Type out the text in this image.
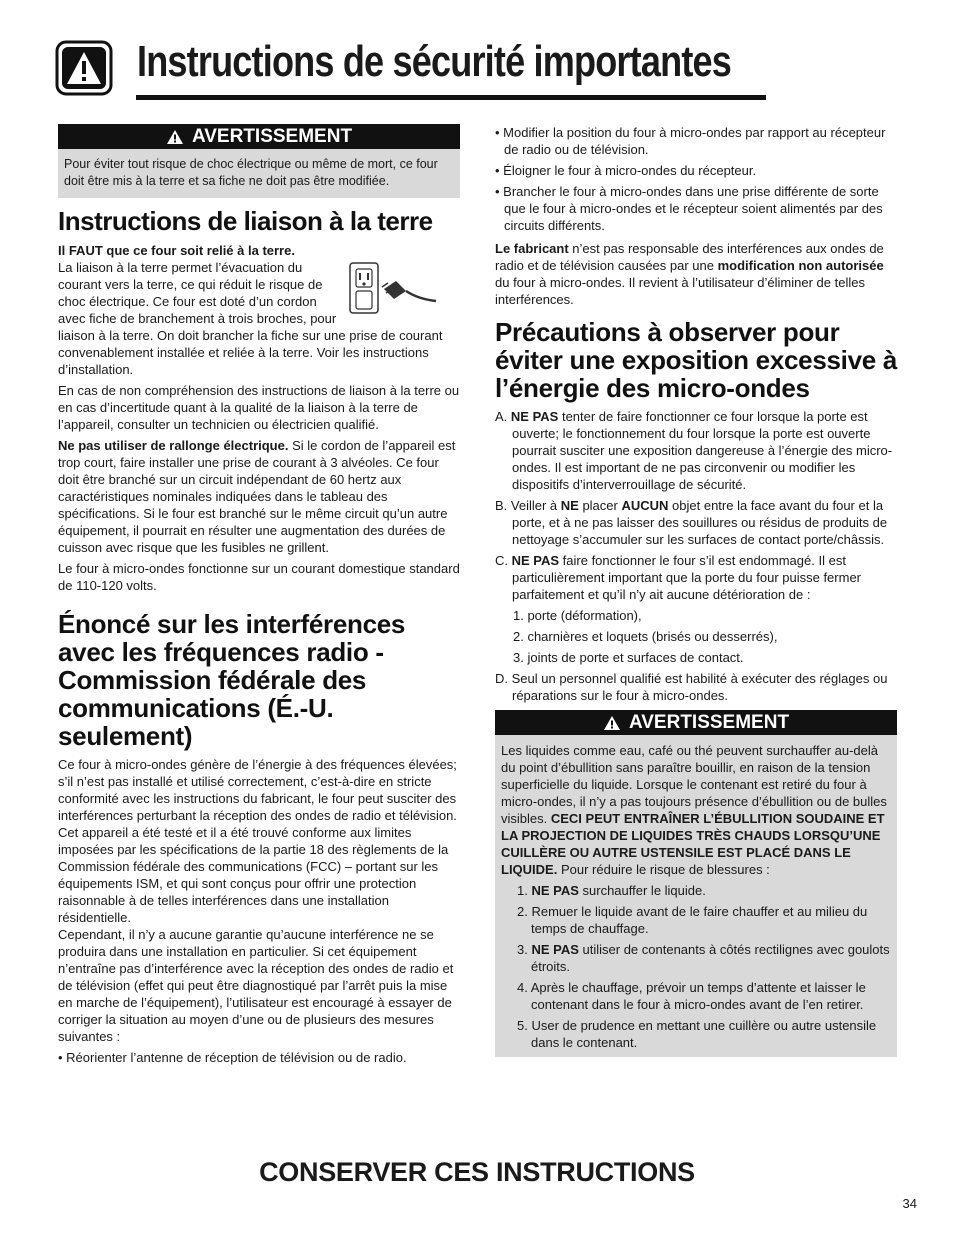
Instructions de sécurité importantes
AVERTISSEMENT
Pour éviter tout risque de choc électrique ou même de mort, ce four doit être mis à la terre et sa fiche ne doit pas être modifiée.
Instructions de liaison à la terre

Il FAUT que ce four soit relié à la terre.

La liaison à la terre permet l’évacuation du courant vers la terre, ce qui réduit le risque de choc électrique. Ce four est doté d’un cordon avec fiche de branchement à trois broches, pour liaison à la terre. On doit brancher la fiche sur une prise de courant convenablement installée et reliée à la terre. Voir les instructions d’installation.

En cas de non compréhension des instructions de liaison à la terre ou en cas d’incertitude quant à la qualité de la liaison à la terre de l’appareil, consulter un technicien ou électricien qualifié.

Ne pas utiliser de rallonge électrique. Si le cordon de l’appareil est trop court, faire installer une prise de courant à 3 alvéoles. Ce four doit être branché sur un circuit indépendant de 60 hertz aux caractéristiques nominales indiquées dans le tableau des spécifications. Si le four est branché sur le même circuit qu’un autre équipement, il pourrait en résulter une augmentation des durées de cuisson avec risque que les fusibles ne grillent.

Le four à micro-ondes fonctionne sur un courant domestique standard de 110-120 volts.

Énoncé sur les interférences avec les fréquences radio - Commission fédérale des communications (É.-U. seulement)

Ce four à micro-ondes génère de l’énergie à des fréquences élevées; s’il n’est pas installé et utilisé correctement, c’est-à-dire en stricte conformité avec les instructions du fabricant, le four peut susciter des interférences perturbant la réception des ondes de radio et télévision. Cet appareil a été testé et il a été trouvé conforme aux limites imposées par les spécifications de la partie 18 des règlements de la Commission fédérale des communications (FCC) – portant sur les équipements ISM, et qui sont conçus pour offrir une protection raisonnable à de telles interférences dans une installation résidentielle.

Cependant, il n’y a aucune garantie qu’aucune interférence ne se produira dans une installation en particulier. Si cet équipement n’entraîne pas d’interférence avec la réception des ondes de radio et de télévision (effet qui peut être diagnostiqué par l’arrêt puis la mise en marche de l’équipement), l’utilisateur est encouragé à essayer de corriger la situation au moyen d’une ou de plusieurs des mesures suivantes :

• Réorienter l’antenne de réception de télévision ou de radio.

• Modifier la position du four à micro-ondes par rapport au récepteur de radio ou de télévision.

• Éloigner le four à micro-ondes du récepteur.

• Brancher le four à micro-ondes dans une prise différente de sorte que le four à micro-ondes et le récepteur soient alimentés par des circuits différents.

Le fabricant n’est pas responsable des interférences aux ondes de radio et de télévision causées par une modification non autorisée du four à micro-ondes. Il revient à l’utilisateur d’éliminer de telles interférences.

Précautions à observer pour éviter une exposition excessive à l’énergie des micro-ondes

A. NE PAS tenter de faire fonctionner ce four lorsque la porte est ouverte; le fonctionnement du four lorsque la porte est ouverte pourrait susciter une exposition dangereuse à l’énergie des micro-ondes. Il est important de ne pas circonvenir ou modifier les dispositifs d’interverrouillage de sécurité.

B. Veiller à NE placer AUCUN objet entre la face avant du four et la porte, et à ne pas laisser des souillures ou résidus de produits de nettoyage s’accumuler sur les surfaces de contact porte/châssis.

C. NE PAS faire fonctionner le four s’il est endommagé. Il est particulièrement important que la porte du four puisse fermer parfaitement et qu’il n’y ait aucune détérioration de :

1. porte (déformation),

2. charnières et loquets (brisés ou desserrés),

3. joints de porte et surfaces de contact.

D. Seul un personnel qualifié est habilité à exécuter des réglages ou réparations sur le four à micro-ondes.

AVERTISSEMENT

Les liquides comme eau, café ou thé peuvent surchauffer au-delà du point d’ébullition sans paraître bouillir, en raison de la tension superficielle du liquide. Lorsque le contenant est retiré du four à micro-ondes, il n’y a pas toujours présence d’ébullition ou de bulles visibles. CECI PEUT ENTRAÎNER L’ÉBULLITION SOUDAINE ET LA PROJECTION DE LIQUIDES TRÈS CHAUDS LORSQU’UNE CUILLÈRE OU AUTRE USTENSILE EST PLACÉ DANS LE LIQUIDE. Pour réduire le risque de blessures :

1. NE PAS surchauffer le liquide.

2. Remuer le liquide avant de le faire chauffer et au milieu du temps de chauffage.

3. NE PAS utiliser de contenants à côtés rectilignes avec goulots étroits.

4. Après le chauffage, prévoir un temps d’attente et laisser le contenant dans le four à micro-ondes avant de l’en retirer.

5. User de prudence en mettant une cuillère ou autre ustensile dans le contenant.

CONSERVER CES INSTRUCTIONS
34
